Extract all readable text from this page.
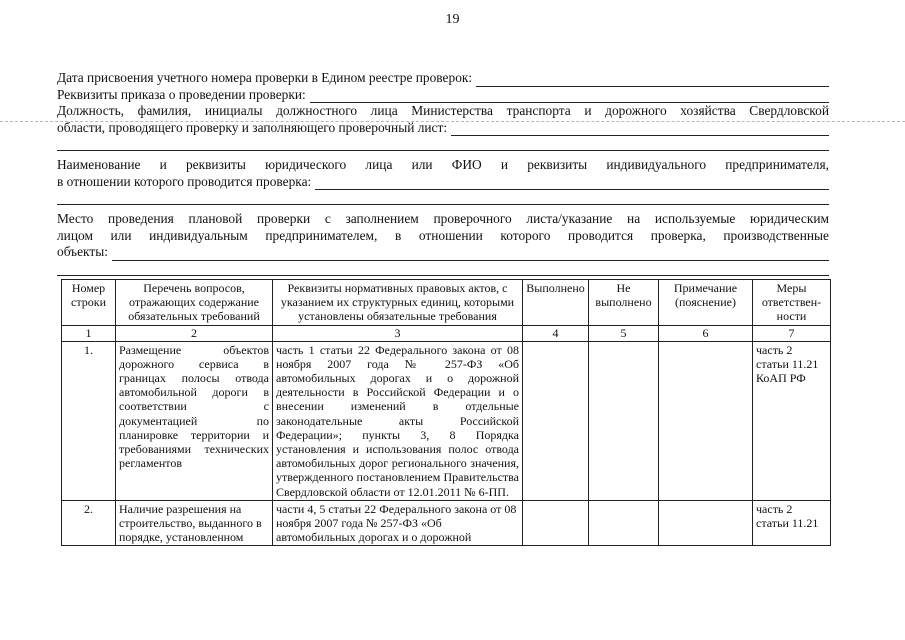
19
Дата присвоения учетного номера проверки в Едином реестре проверок:
Реквизиты приказа о проведении проверки:
Должность, фамилия, инициалы должностного лица Министерства транспорта и дорожного хозяйства Свердловской
области, проводящего проверку и заполняющего проверочный лист:
Наименование и реквизиты юридического лица или ФИО и реквизиты индивидуального предпринимателя,
в отношении которого проводится проверка:
Место проведения плановой проверки с заполнением проверочного листа/указание на используемые юридическим
лицом или индивидуальным предпринимателем, в отношении которого проводится проверка, производственные
объекты:
Номер строки	Перечень вопросов, отражающих содержание обязательных требований	Реквизиты нормативных правовых актов, с указанием их структурных единиц, которыми установлены обязательные требования	Выполнено	Не выполнено	Примечание (пояснение)	Меры ответствен-ности
1	2	3	4	5	6	7
1.	Размещение объектов дорожного сервиса в границах полосы отвода автомобильной дороги в соответствии с документацией по планировке территории и требованиями технических регламентов	часть 1 статьи 22 Федерального закона от 08 ноября 2007 года № 257-ФЗ «Об автомобильных дорогах и о дорожной деятельности в Российской Федерации и о внесении изменений в отдельные законодательные акты Российской Федерации»; пункты 3, 8 Порядка установления и использования полос отвода автомобильных дорог регионального значения, утвержденного постановлением Правительства Свердловской области от 12.01.2011 № 6-ПП.				часть 2 статьи 11.21 КоАП РФ
2.	Наличие разрешения на строительство, выданного в порядке, установленном	части 4, 5 статьи 22 Федерального закона от 08 ноября 2007 года № 257-ФЗ «Об автомобильных дорогах и о дорожной				часть 2 статьи 11.21
